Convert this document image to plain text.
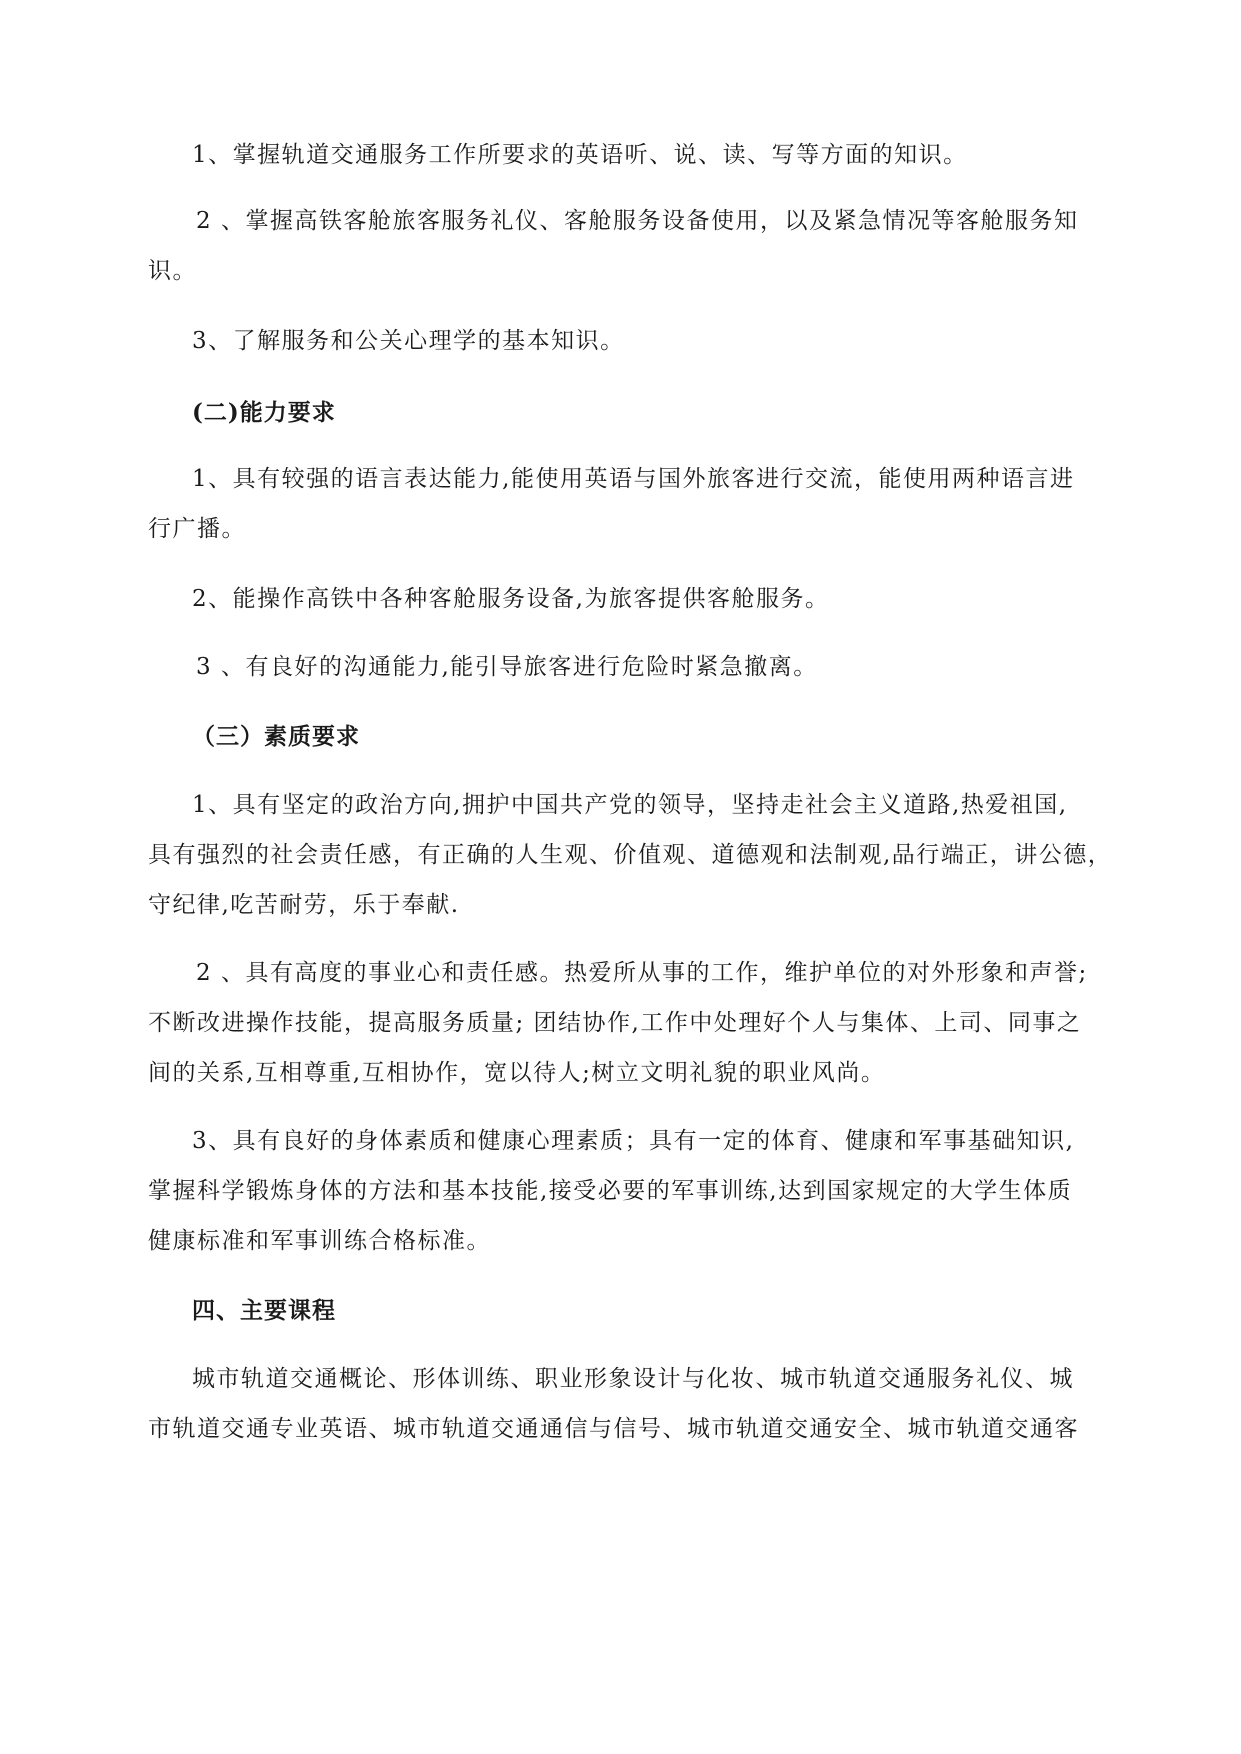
1、掌握轨道交通服务工作所要求的英语听、说、读、写等方面的知识。
2 、掌握高铁客舱旅客服务礼仪、客舱服务设备使用，以及紧急情况等客舱服务知
识。
3、了解服务和公关心理学的基本知识。
(二)能力要求
1、具有较强的语言表达能力,能使用英语与国外旅客进行交流，能使用两种语言进
行广播。
2、能操作高铁中各种客舱服务设备,为旅客提供客舱服务。
3 、有良好的沟通能力,能引导旅客进行危险时紧急撤离。
（三）素质要求
1、具有坚定的政治方向,拥护中国共产党的领导，坚持走社会主义道路,热爱祖国,
具有强烈的社会责任感，有正确的人生观、价值观、道德观和法制观,品行端正，讲公德，
守纪律,吃苦耐劳，乐于奉献.
2 、具有高度的事业心和责任感。热爱所从事的工作，维护单位的对外形象和声誉;
不断改进操作技能，提高服务质量; 团结协作,工作中处理好个人与集体、上司、同事之
间的关系,互相尊重,互相协作，宽以待人;树立文明礼貌的职业风尚。
3、具有良好的身体素质和健康心理素质；具有一定的体育、健康和军事基础知识,
掌握科学锻炼身体的方法和基本技能,接受必要的军事训练,达到国家规定的大学生体质
健康标准和军事训练合格标准。
四、主要课程
城市轨道交通概论、形体训练、职业形象设计与化妆、城市轨道交通服务礼仪、城
市轨道交通专业英语、城市轨道交通通信与信号、城市轨道交通安全、城市轨道交通客
